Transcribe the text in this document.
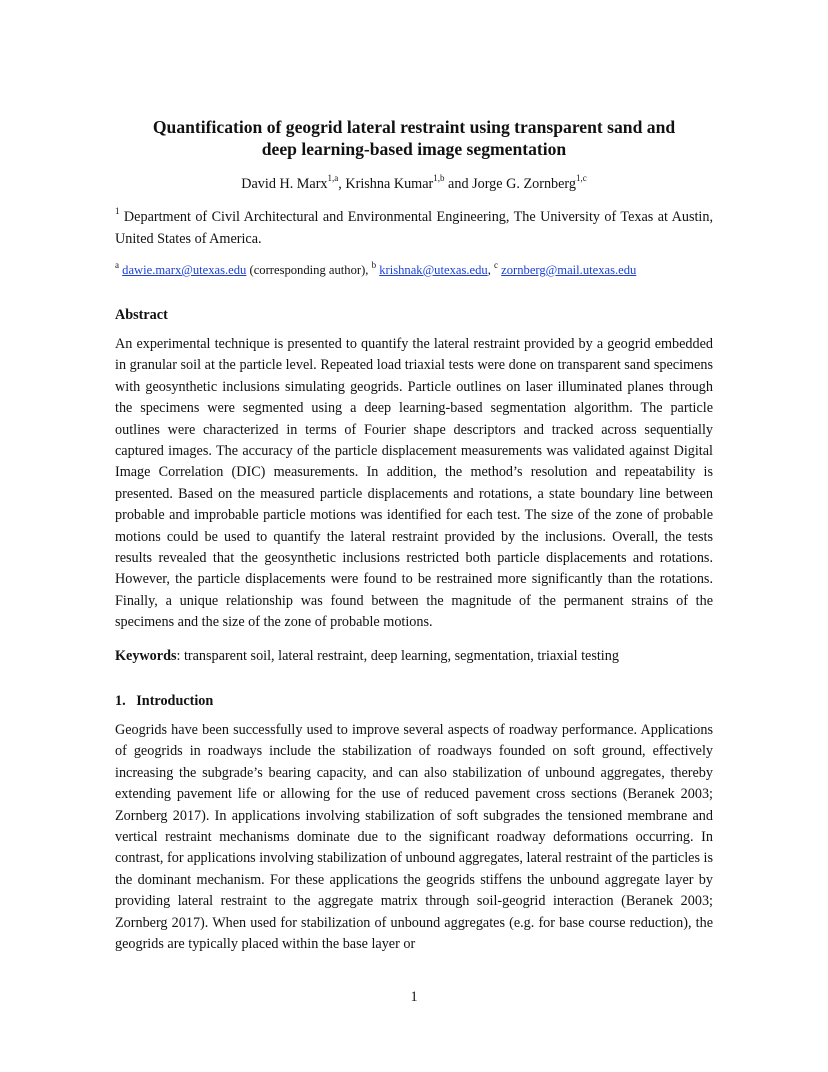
Quantification of geogrid lateral restraint using transparent sand and
deep learning-based image segmentation
David H. Marx$^{1,a}$, Krishna Kumar$^{1,b}$ and Jorge G. Zornberg$^{1,c}$
$^1$ Department of Civil Architectural and Environmental Engineering, The University of Texas at Austin, United States of America.
$^a$ dawie.marx@utexas.edu (corresponding author), $^b$ krishnak@utexas.edu, $^c$ zornberg@mail.utexas.edu
Abstract
An experimental technique is presented to quantify the lateral restraint provided by a geogrid embedded in granular soil at the particle level. Repeated load triaxial tests were done on transparent sand specimens with geosynthetic inclusions simulating geogrids. Particle outlines on laser illuminated planes through the specimens were segmented using a deep learning-based segmentation algorithm. The particle outlines were characterized in terms of Fourier shape descriptors and tracked across sequentially captured images. The accuracy of the particle displacement measurements was validated against Digital Image Correlation (DIC) measurements. In addition, the method’s resolution and repeatability is presented. Based on the measured particle displacements and rotations, a state boundary line between probable and improbable particle motions was identified for each test. The size of the zone of probable motions could be used to quantify the lateral restraint provided by the inclusions. Overall, the tests results revealed that the geosynthetic inclusions restricted both particle displacements and rotations. However, the particle displacements were found to be restrained more significantly than the rotations. Finally, a unique relationship was found between the magnitude of the permanent strains of the specimens and the size of the zone of probable motions.
Keywords: transparent soil, lateral restraint, deep learning, segmentation, triaxial testing
1.   Introduction
Geogrids have been successfully used to improve several aspects of roadway performance. Applications of geogrids in roadways include the stabilization of roadways founded on soft ground, effectively increasing the subgrade’s bearing capacity, and can also stabilization of unbound aggregates, thereby extending pavement life or allowing for the use of reduced pavement cross sections (Beranek 2003; Zornberg 2017). In applications involving stabilization of soft subgrades the tensioned membrane and vertical restraint mechanisms dominate due to the significant roadway deformations occurring. In contrast, for applications involving stabilization of unbound aggregates, lateral restraint of the particles is the dominant mechanism. For these applications the geogrids stiffens the unbound aggregate layer by providing lateral restraint to the aggregate matrix through soil-geogrid interaction (Beranek 2003; Zornberg 2017). When used for stabilization of unbound aggregates (e.g. for base course reduction), the geogrids are typically placed within the base layer or
1
